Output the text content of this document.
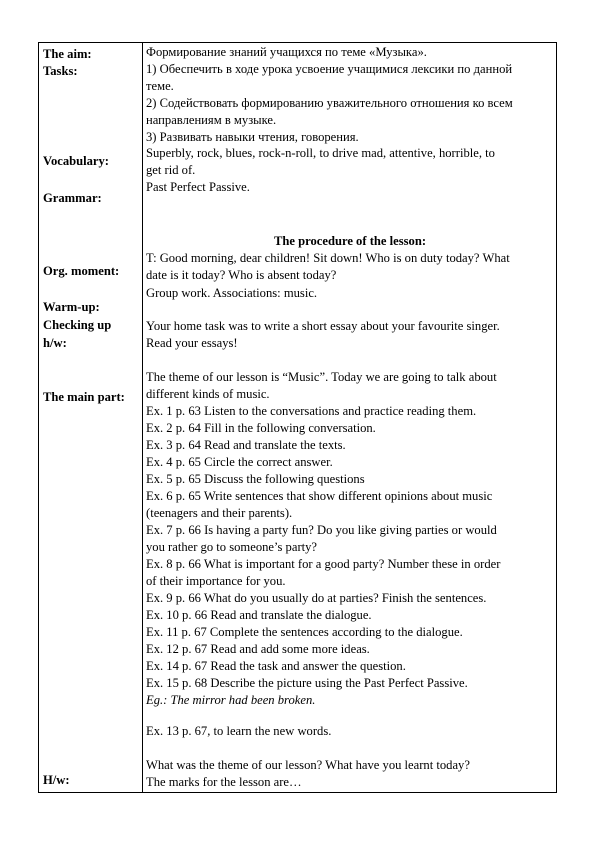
The aim:
Tasks:
Vocabulary:
Grammar:
Org. moment:
Warm-up:
Checking up
h/w:
The main part:
H/w:
Формирование знаний учащихся по теме «Музыка».
1) Обеспечить в ходе урока усвоение учащимися лексики по данной
теме.
2) Содействовать формированию уважительного отношения ко всем
направлениям в музыке.
3) Развивать навыки чтения, говорения.
Superbly, rock, blues, rock-n-roll, to drive mad, attentive, horrible, to
get rid of.
Past Perfect Passive.
The procedure of the lesson:
T: Good morning, dear children! Sit down! Who is on duty today? What
date is it today? Who is absent today?
Group work. Associations: music.
Your home task was to write a short essay about your favourite singer.
Read your essays!
The theme of our lesson is “Music”. Today we are going to talk about
different kinds of music.
Ex. 1 p. 63 Listen to the conversations and practice reading them.
Ex. 2 p. 64 Fill in the following conversation.
Ex. 3 p. 64 Read and translate the texts.
Ex. 4 p. 65 Circle the correct answer.
Ex. 5 p. 65 Discuss the following questions
Ex. 6 p. 65 Write sentences that show different opinions about music
(teenagers and their parents).
Ex. 7 p. 66 Is having a party fun? Do you like giving parties or would
you rather go to someone’s party?
Ex. 8 p. 66 What is important for a good party? Number these in order
of their importance for you.
Ex. 9 p. 66 What do you usually do at parties? Finish the sentences.
Ex. 10 p. 66 Read and translate the dialogue.
Ex. 11 p. 67 Complete the sentences according to the dialogue.
Ex. 12 p. 67 Read and add some more ideas.
Ex. 14 p. 67 Read the task and answer the question.
Ex. 15 p. 68 Describe the picture using the Past Perfect Passive.
Eg.: The mirror had been broken.
Ex. 13 p. 67, to learn the new words.
What was the theme of our lesson? What have you learnt today?
The marks for the lesson are…
